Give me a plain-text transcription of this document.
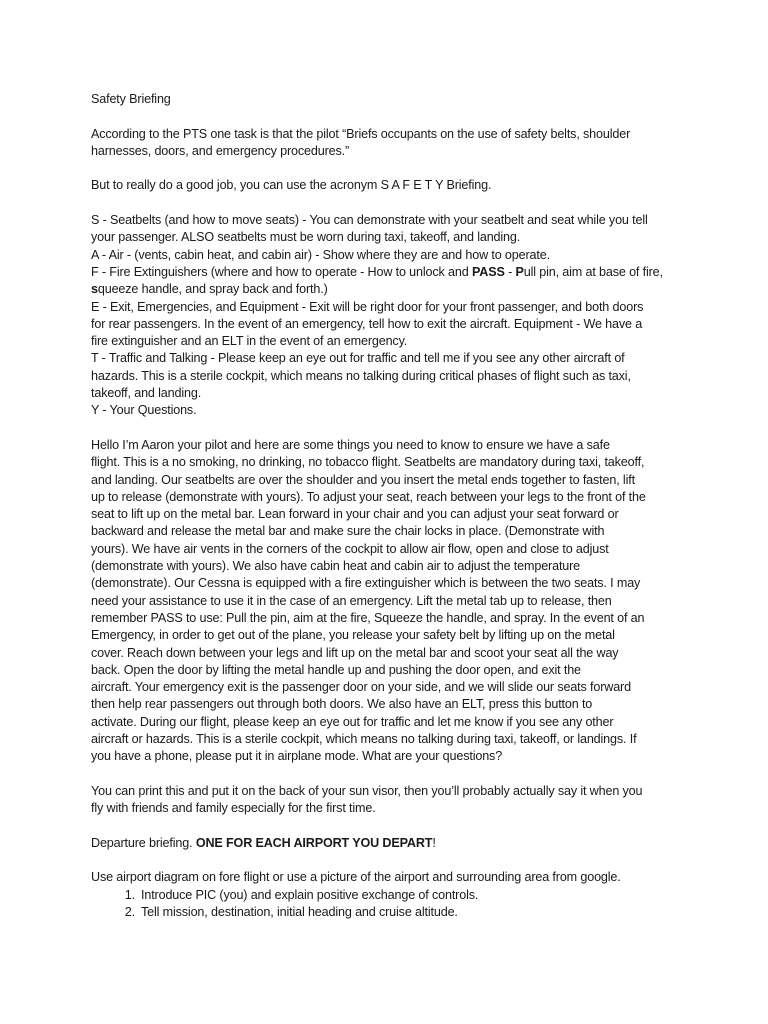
Safety Briefing

According to the PTS one task is that the pilot “Briefs occupants on the use of safety belts, shoulder
harnesses, doors, and emergency procedures.”

But to really do a good job, you can use the acronym S A F E T Y Briefing.

S - Seatbelts (and how to move seats) - You can demonstrate with your seatbelt and seat while you tell
your passenger. ALSO seatbelts must be worn during taxi, takeoff, and landing.
A - Air - (vents, cabin heat, and cabin air) - Show where they are and how to operate.
F - Fire Extinguishers (where and how to operate - How to unlock and PASS - Pull pin, aim at base of fire,
squeeze handle, and spray back and forth.)
E - Exit, Emergencies, and Equipment - Exit will be right door for your front passenger, and both doors
for rear passengers. In the event of an emergency, tell how to exit the aircraft. Equipment - We have a
fire extinguisher and an ELT in the event of an emergency.
T - Traffic and Talking - Please keep an eye out for traffic and tell me if you see any other aircraft of
hazards. This is a sterile cockpit, which means no talking during critical phases of flight such as taxi,
takeoff, and landing.
Y - Your Questions.

Hello I’m Aaron your pilot and here are some things you need to know to ensure we have a safe
flight. This is a no smoking, no drinking, no tobacco flight. Seatbelts are mandatory during taxi, takeoff,
and landing. Our seatbelts are over the shoulder and you insert the metal ends together to fasten, lift
up to release (demonstrate with yours). To adjust your seat, reach between your legs to the front of the
seat to lift up on the metal bar. Lean forward in your chair and you can adjust your seat forward or
backward and release the metal bar and make sure the chair locks in place. (Demonstrate with
yours). We have air vents in the corners of the cockpit to allow air flow, open and close to adjust
(demonstrate with yours). We also have cabin heat and cabin air to adjust the temperature
(demonstrate). Our Cessna is equipped with a fire extinguisher which is between the two seats. I may
need your assistance to use it in the case of an emergency. Lift the metal tab up to release, then
remember PASS to use: Pull the pin, aim at the fire, Squeeze the handle, and spray. In the event of an
Emergency, in order to get out of the plane, you release your safety belt by lifting up on the metal
cover. Reach down between your legs and lift up on the metal bar and scoot your seat all the way
back. Open the door by lifting the metal handle up and pushing the door open, and exit the
aircraft. Your emergency exit is the passenger door on your side, and we will slide our seats forward
then help rear passengers out through both doors. We also have an ELT, press this button to
activate. During our flight, please keep an eye out for traffic and let me know if you see any other
aircraft or hazards. This is a sterile cockpit, which means no talking during taxi, takeoff, or landings. If
you have a phone, please put it in airplane mode. What are your questions?

You can print this and put it on the back of your sun visor, then you’ll probably actually say it when you
fly with friends and family especially for the first time.

Departure briefing. ONE FOR EACH AIRPORT YOU DEPART!

Use airport diagram on fore flight or use a picture of the airport and surrounding area from google.

1. Introduce PIC (you) and explain positive exchange of controls.
2. Tell mission, destination, initial heading and cruise altitude.
